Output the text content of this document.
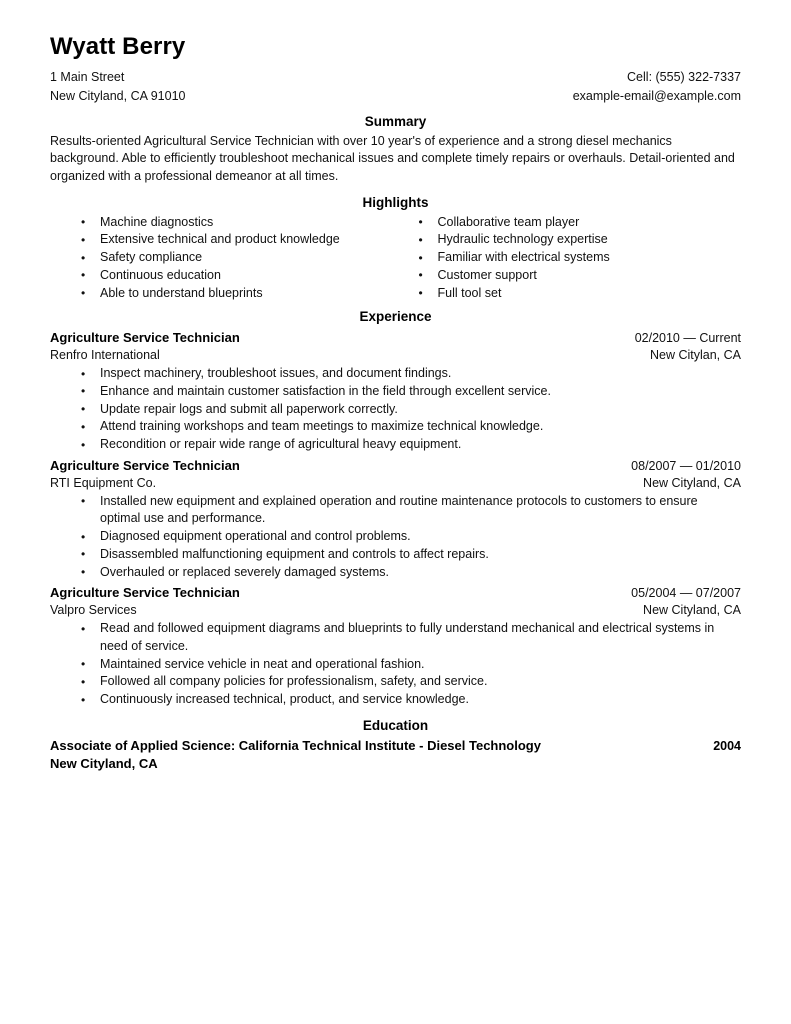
Wyatt Berry
1 Main Street
New Cityland, CA 91010
Cell: (555) 322-7337
example-email@example.com
Summary

Results-oriented Agricultural Service Technician with over 10 year's of experience and a strong diesel mechanics background. Able to efficiently troubleshoot mechanical issues and complete timely repairs or overhauls. Detail-oriented and organized with a professional demeanor at all times.

Highlights
• Machine diagnostics
• Extensive technical and product knowledge
• Safety compliance
• Continuous education
• Able to understand blueprints
• Collaborative team player
• Hydraulic technology expertise
• Familiar with electrical systems
• Customer support
• Full tool set
Experience
Agriculture Service Technician	02/2010 — Current
Renfro International	New Citylan, CA
• Inspect machinery, troubleshoot issues, and document findings.
• Enhance and maintain customer satisfaction in the field through excellent service.
• Update repair logs and submit all paperwork correctly.
• Attend training workshops and team meetings to maximize technical knowledge.
• Recondition or repair wide range of agricultural heavy equipment.
Agriculture Service Technician	08/2007 — 01/2010
RTI Equipment Co.	New Cityland, CA
• Installed new equipment and explained operation and routine maintenance protocols to customers to ensure optimal use and performance.
• Diagnosed equipment operational and control problems.
• Disassembled malfunctioning equipment and controls to affect repairs.
• Overhauled or replaced severely damaged systems.
Agriculture Service Technician	05/2004 — 07/2007
Valpro Services	New Cityland, CA
• Read and followed equipment diagrams and blueprints to fully understand mechanical and electrical systems in need of service.
• Maintained service vehicle in neat and operational fashion.
• Followed all company policies for professionalism, safety, and service.
• Continuously increased technical, product, and service knowledge.
Education
Associate of Applied Science: California Technical Institute - Diesel Technology	2004
New Cityland, CA
